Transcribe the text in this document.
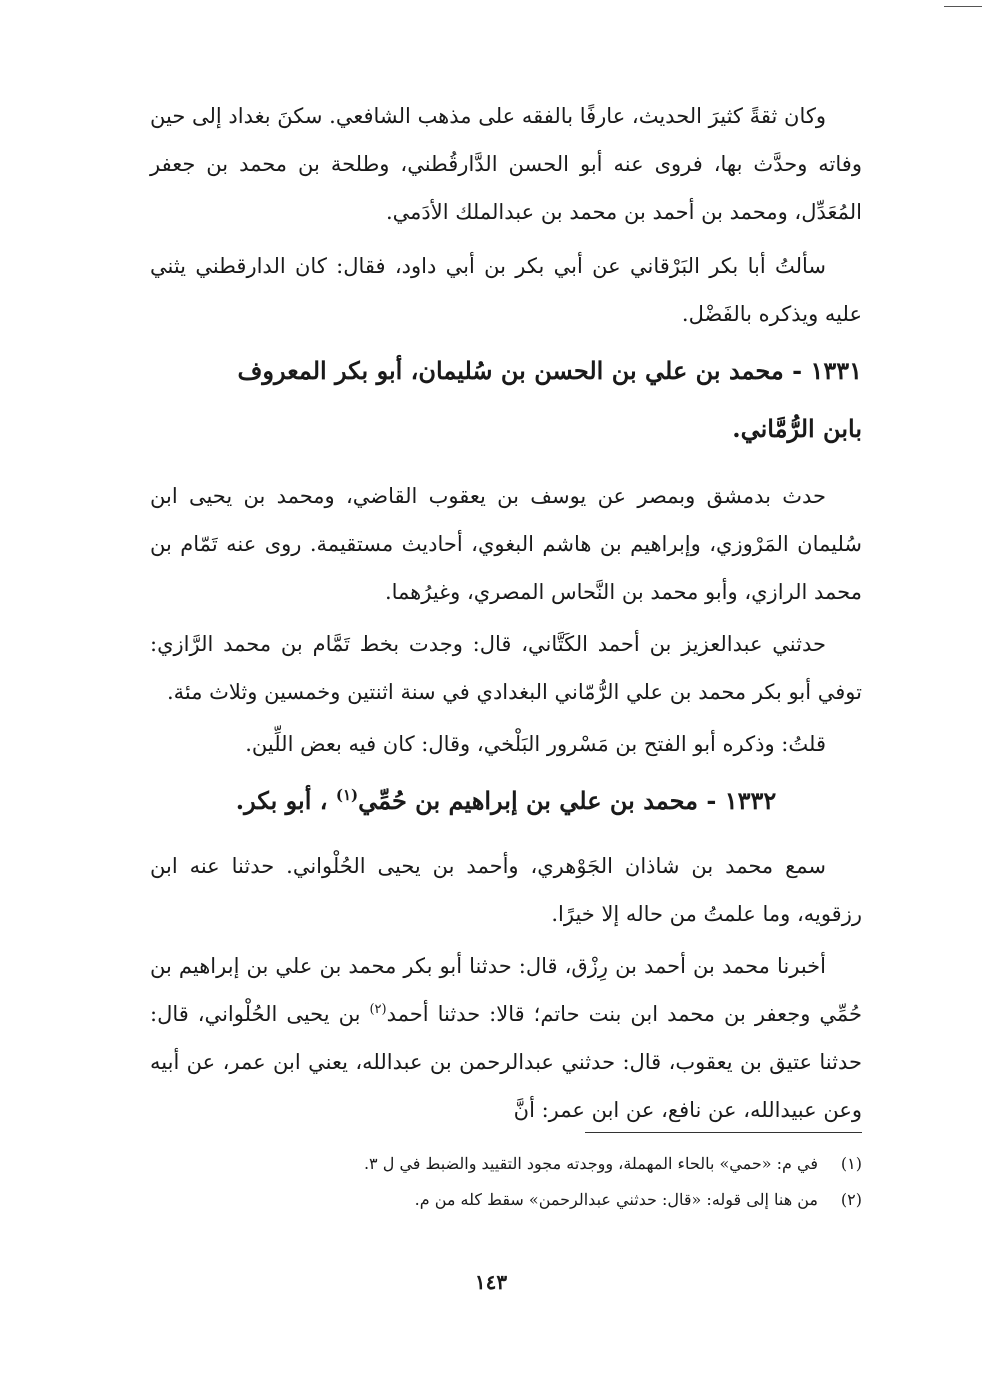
وكان ثقةً كثيرَ الحديث، عارفًا بالفقه على مذهب الشافعي. سكنَ بغداد إلى حين وفاته وحدَّث بها، فروى عنه أبو الحسن الدَّارقُطني، وطلحة بن محمد بن جعفر المُعَدِّل، ومحمد بن أحمد بن محمد بن عبدالملك الأدَمي.

سألتُ أبا بكر البَرْقاني عن أبي بكر بن أبي داود، فقال: كان الدارقطني يثني عليه ويذكره بالفَضْل.

١٣٣١ - محمد بن علي بن الحسن بن سُليمان، أبو بكر المعروف
بابن الرُّمَّاني.

حدث بدمشق وبمصر عن يوسف بن يعقوب القاضي، ومحمد بن يحيى ابن سُليمان المَرْوزي، وإبراهيم بن هاشم البغوي، أحاديث مستقيمة. روى عنه تَمّام بن محمد الرازي، وأبو محمد بن النَّحاس المصري، وغيرُهما.

حدثني عبدالعزيز بن أحمد الكَتَّاني، قال: وجدت بخط تَمَّام بن محمد الرَّازي: توفي أبو بكر محمد بن علي الرُّمّاني البغدادي في سنة اثنتين وخمسين وثلاث مئة.

قلتُ: وذكره أبو الفتح بن مَسْرور البَلْخي، وقال: كان فيه بعض اللِّين.

١٣٣٢ - محمد بن علي بن إبراهيم بن حُمِّي$^{(١)}$ ، أبو بكر.

سمع محمد بن شاذان الجَوْهري، وأحمد بن يحيى الحُلْواني. حدثنا عنه ابن رزقويه، وما علمتُ من حاله إلا خيرًا.

أخبرنا محمد بن أحمد بن رِزْق، قال: حدثنا أبو بكر محمد بن علي بن إبراهيم بن حُمِّي وجعفر بن محمد ابن بنت حاتم؛ قالا: حدثنا أحمد$^{(٢)}$ بن يحيى الحُلْواني، قال: حدثنا عتيق بن يعقوب، قال: حدثني عبدالرحمن بن عبدالله، يعني ابن عمر، عن أبيه وعن عبيدالله، عن نافع، عن ابن عمر: أنَّ

(١)
في م: «حمي» بالحاء المهملة، ووجدته مجود التقييد والضبط في ل ٣.
(٢)
من هنا إلى قوله: «قال: حدثني عبدالرحمن» سقط كله من م.
١٤٣
